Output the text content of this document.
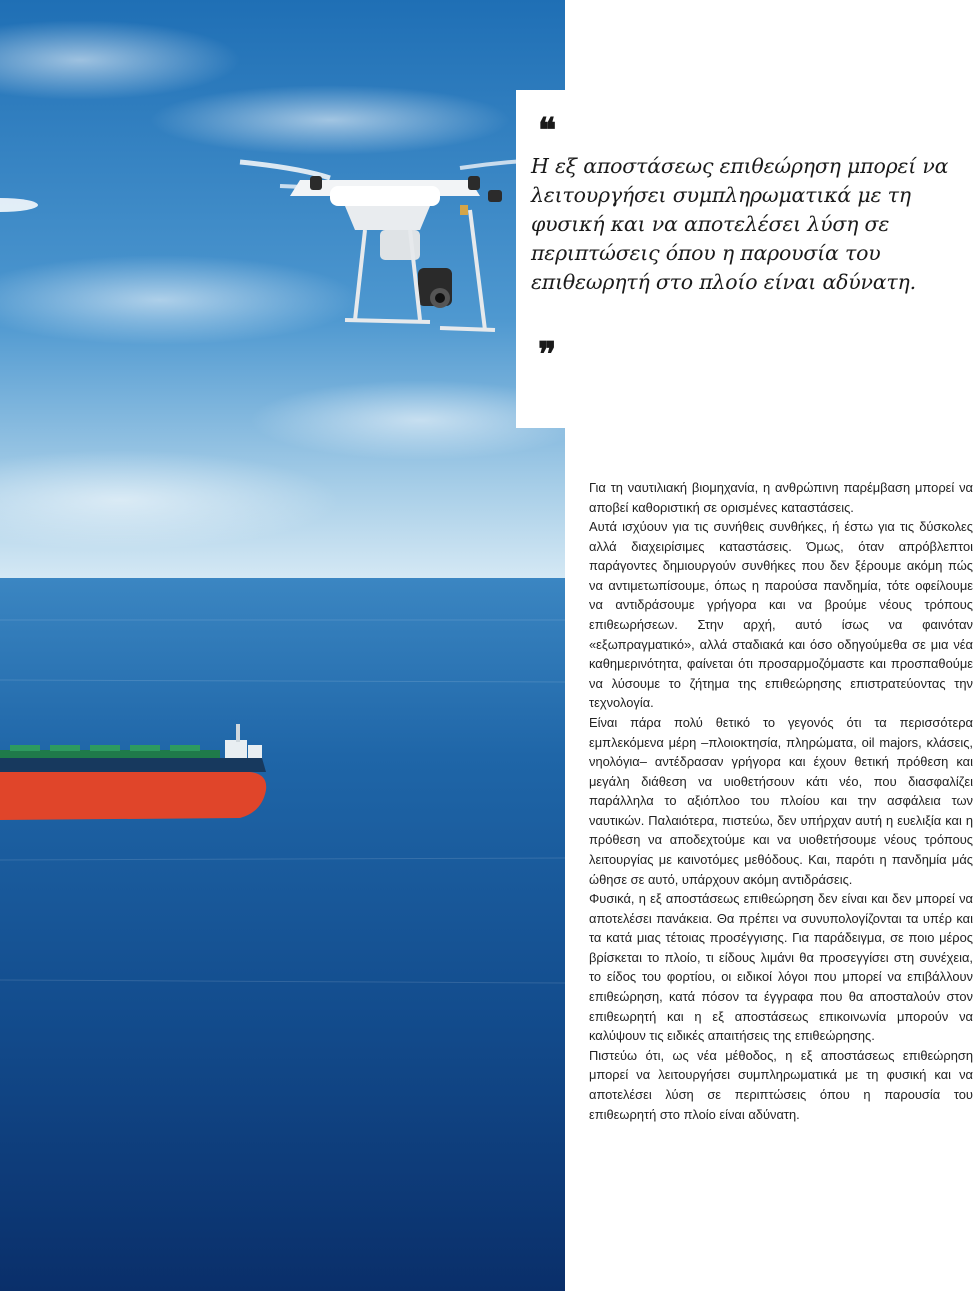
❝
Η εξ αποστάσεως επιθεώρηση μπορεί να λειτουργήσει συμπληρωματικά με τη φυσική και να αποτελέσει λύση σε περιπτώσεις όπου η παρουσία του επιθεωρητή στο πλοίο είναι αδύνατη.
❞

Για τη ναυτιλιακή βιομηχανία, η ανθρώπινη παρέμβαση μπορεί να αποβεί καθοριστική σε ορισμένες καταστάσεις.

Αυτά ισχύουν για τις συνήθεις συνθήκες, ή έστω για τις δύσκολες αλλά διαχειρίσιμες καταστάσεις. Όμως, όταν απρόβλεπτοι παράγοντες δημιουργούν συνθήκες που δεν ξέρουμε ακόμη πώς να αντιμετωπίσουμε, όπως η παρούσα πανδημία, τότε οφείλουμε να αντιδράσουμε γρήγορα και να βρούμε νέους τρόπους επιθεωρήσεων. Στην αρχή, αυτό ίσως να φαινόταν «εξωπραγματικό», αλλά σταδιακά και όσο οδηγούμεθα σε μια νέα καθημερινότητα, φαίνεται ότι προσαρμοζόμαστε και προσπαθούμε να λύσουμε το ζήτημα της επιθεώρησης επιστρατεύοντας την τεχνολογία.

Είναι πάρα πολύ θετικό το γεγονός ότι τα περισσότερα εμπλεκόμενα μέρη –πλοιοκτησία, πληρώματα, oil majors, κλάσεις, νηολόγια– αντέδρασαν γρήγορα και έχουν θετική πρόθεση και μεγάλη διάθεση να υιοθετήσουν κάτι νέο, που διασφαλίζει παράλληλα το αξιόπλοο του πλοίου και την ασφάλεια των ναυτικών. Παλαιότερα, πιστεύω, δεν υπήρχαν αυτή η ευελιξία και η πρόθεση να αποδεχτούμε και να υιοθετήσουμε νέους τρόπους λειτουργίας με καινοτόμες μεθόδους. Και, παρότι η πανδημία μάς ώθησε σε αυτό, υπάρχουν ακόμη αντιδράσεις.

Φυσικά, η εξ αποστάσεως επιθεώρηση δεν είναι και δεν μπορεί να αποτελέσει πανάκεια. Θα πρέπει να συνυπολογίζονται τα υπέρ και τα κατά μιας τέτοιας προσέγγισης. Για παράδειγμα, σε ποιο μέρος βρίσκεται το πλοίο, τι είδους λιμάνι θα προσεγγίσει στη συνέχεια, το είδος του φορτίου, οι ειδικοί λόγοι που μπορεί να επιβάλλουν επιθεώρηση, κατά πόσον τα έγγραφα που θα αποσταλούν στον επιθεωρητή και η εξ αποστάσεως επικοινωνία μπορούν να καλύψουν τις ειδικές απαιτήσεις της επιθεώρησης.

Πιστεύω ότι, ως νέα μέθοδος, η εξ αποστάσεως επιθεώρηση μπορεί να λειτουργήσει συμπληρωματικά με τη φυσική και να αποτελέσει λύση σε περιπτώσεις όπου η παρουσία του επιθεωρητή στο πλοίο είναι αδύνατη.
